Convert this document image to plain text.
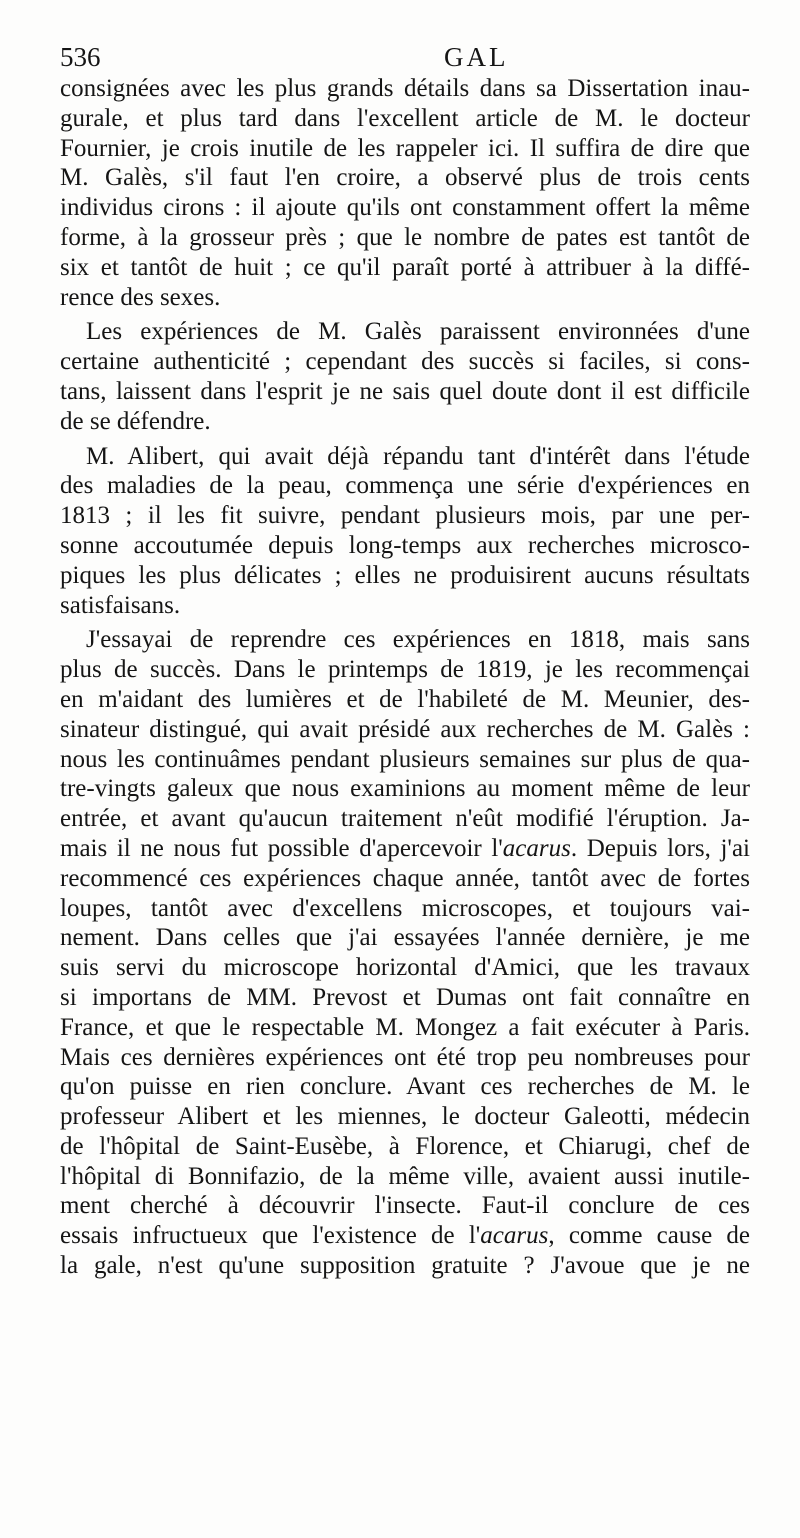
536	GAL

consignées avec les plus grands détails dans sa Dissertation inau-
gurale, et plus tard dans l'excellent article de M. le docteur
Fournier, je crois inutile de les rappeler ici. Il suffira de dire que
M. Galès, s'il faut l'en croire, a observé plus de trois cents
individus cirons : il ajoute qu'ils ont constamment offert la même
forme, à la grosseur près ; que le nombre de pates est tantôt de
six et tantôt de huit ; ce qu'il paraît porté à attribuer à la diffé-
rence des sexes.

Les expériences de M. Galès paraissent environnées d'une
certaine authenticité ; cependant des succès si faciles, si cons-
tans, laissent dans l'esprit je ne sais quel doute dont il est difficile
de se défendre.

M. Alibert, qui avait déjà répandu tant d'intérêt dans l'étude
des maladies de la peau, commença une série d'expériences en
1813 ; il les fit suivre, pendant plusieurs mois, par une per-
sonne accoutumée depuis long-temps aux recherches microsco-
piques les plus délicates ; elles ne produisirent aucuns résultats
satisfaisans.

J'essayai de reprendre ces expériences en 1818, mais sans
plus de succès. Dans le printemps de 1819, je les recommençai
en m'aidant des lumières et de l'habileté de M. Meunier, des-
sinateur distingué, qui avait présidé aux recherches de M. Galès :
nous les continuâmes pendant plusieurs semaines sur plus de qua-
tre-vingts galeux que nous examinions au moment même de leur
entrée, et avant qu'aucun traitement n'eût modifié l'éruption. Ja-
mais il ne nous fut possible d'apercevoir l'acarus. Depuis lors, j'ai
recommencé ces expériences chaque année, tantôt avec de fortes
loupes, tantôt avec d'excellens microscopes, et toujours vai-
nement. Dans celles que j'ai essayées l'année dernière, je me
suis servi du microscope horizontal d'Amici, que les travaux
si importans de MM. Prevost et Dumas ont fait connaître en
France, et que le respectable M. Mongez a fait exécuter à Paris.
Mais ces dernières expériences ont été trop peu nombreuses pour
qu'on puisse en rien conclure. Avant ces recherches de M. le
professeur Alibert et les miennes, le docteur Galeotti, médecin
de l'hôpital de Saint-Eusèbe, à Florence, et Chiarugi, chef de
l'hôpital di Bonnifazio, de la même ville, avaient aussi inutile-
ment cherché à découvrir l'insecte. Faut-il conclure de ces
essais infructueux que l'existence de l'acarus, comme cause de
la gale, n'est qu'une supposition gratuite ? J'avoue que je ne
